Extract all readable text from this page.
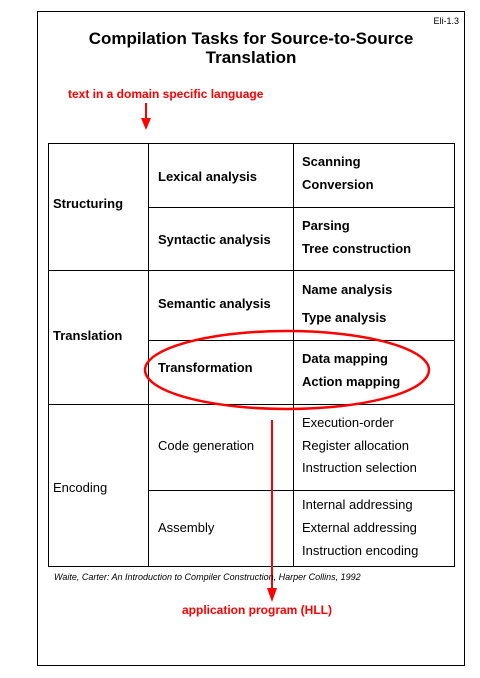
Eli-1.3
Compilation Tasks for Source-to-Source
Translation
text in a domain specific language
Structuring
Translation
Encoding
Lexical analysis
Syntactic analysis
Semantic analysis
Transformation
Code generation
Assembly
Scanning
Conversion
Parsing
Tree construction
Name analysis
Type analysis
Data mapping
Action mapping
Execution-order
Register allocation
Instruction selection
Internal addressing
External addressing
Instruction encoding
Waite, Carter: An Introduction to Compiler Construction, Harper Collins, 1992
application program (HLL)
